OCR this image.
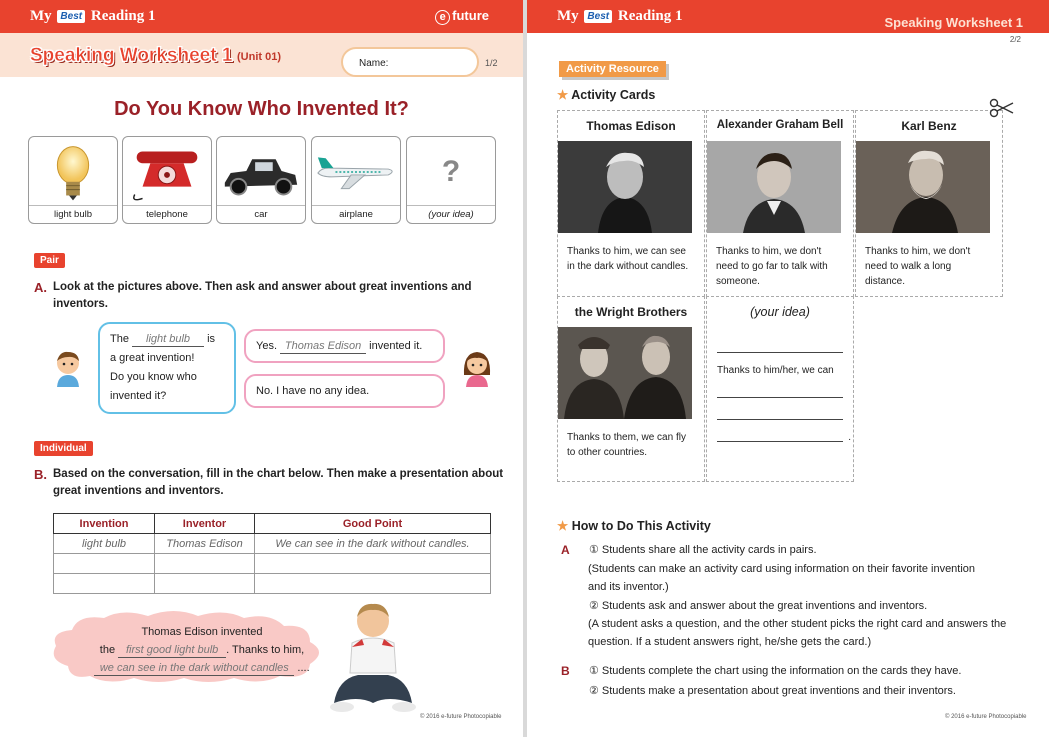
My Best Reading 1	e future
Speaking Worksheet 1 (Unit 01)
Name:	1/2
Do You Know Who Invented It?
light bulb	telephone	car	airplane
?
(your idea)
Pair
A. Look at the pictures above. Then ask and answer about great inventions and inventors.
The light bulb is
a great invention!
Do you know who invented it?
Yes. Thomas Edison invented it.
No. I have no any idea.
Individual
B. Based on the conversation, fill in the chart below. Then make a presentation about great inventions and inventors.
Invention	Inventor	Good Point
light bulb	Thomas Edison	We can see in the dark without candles.

Thomas Edison invented
the first good light bulb . Thanks to him,
we can see in the dark without candles ....
© 2016 e-future Photocopiable
My Best Reading 1	Speaking Worksheet 1
2/2
Activity Resource
★ Activity Cards
Thomas Edison
Thanks to him, we can see in the dark without candles.
Alexander Graham Bell
Thanks to him, we don't need to go far to talk with someone.
Karl Benz
Thanks to him, we don't need to walk a long distance.
the Wright Brothers
Thanks to them, we can fly to other countries.
(your idea)
Thanks to him/her, we can
.
★ How to Do This Activity
A	① Students share all the activity cards in pairs.
(Students can make an activity card using information on their favorite invention and its inventor.)
② Students ask and answer about the great inventions and inventors.
(A student asks a question, and the other student picks the right card and answers the question. If a student answers right, he/she gets the card.)
B	① Students complete the chart using the information on the cards they have.
② Students make a presentation about great inventions and their inventors.
© 2016 e-future Photocopiable
